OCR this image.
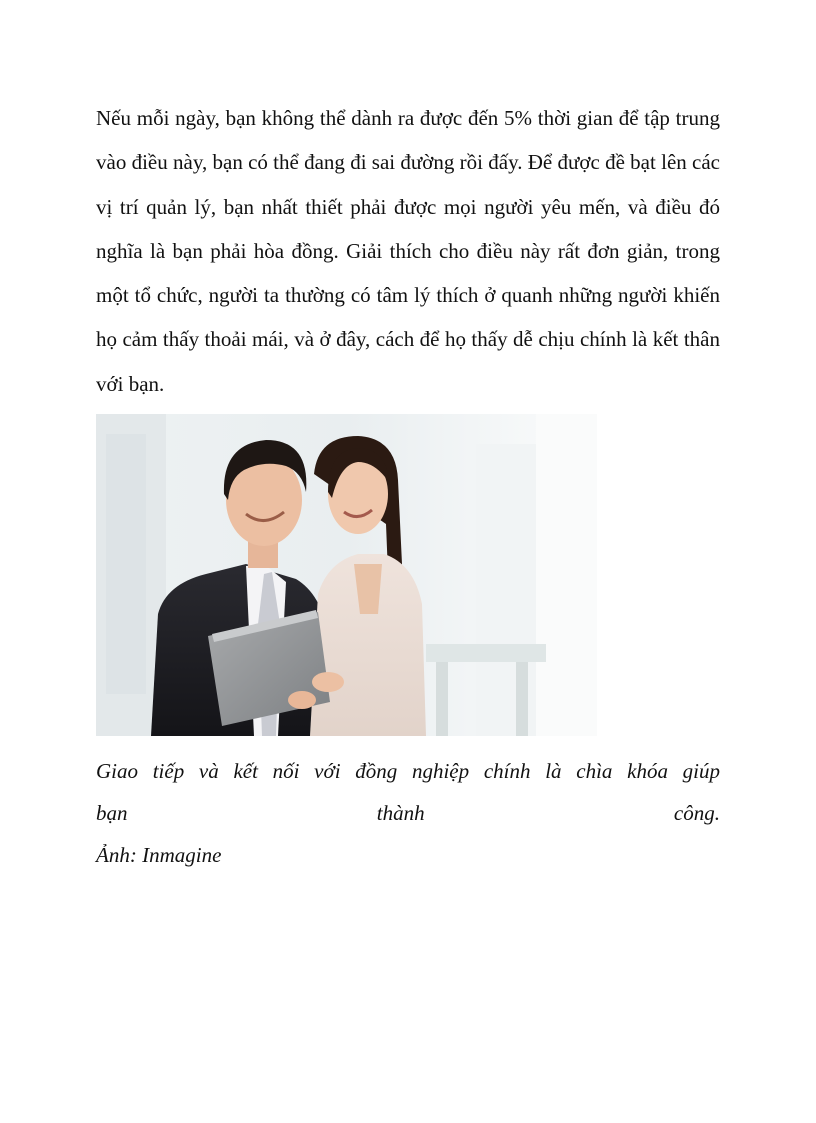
Nếu mỗi ngày, bạn không thể dành ra được đến 5% thời gian để tập trung vào điều này, bạn có thể đang đi sai đường rồi đấy. Để được đề bạt lên các vị trí quản lý, bạn nhất thiết phải được mọi người yêu mến, và điều đó nghĩa là bạn phải hòa đồng. Giải thích cho điều này rất đơn giản, trong một tổ chức, người ta thường có tâm lý thích ở quanh những người khiến họ cảm thấy thoải mái, và ở đây, cách để họ thấy dễ chịu chính là kết thân với bạn.

Giao tiếp và kết nối với đồng nghiệp chính là chìa khóa giúp
bạn	thành	công.
Ảnh: Inmagine
